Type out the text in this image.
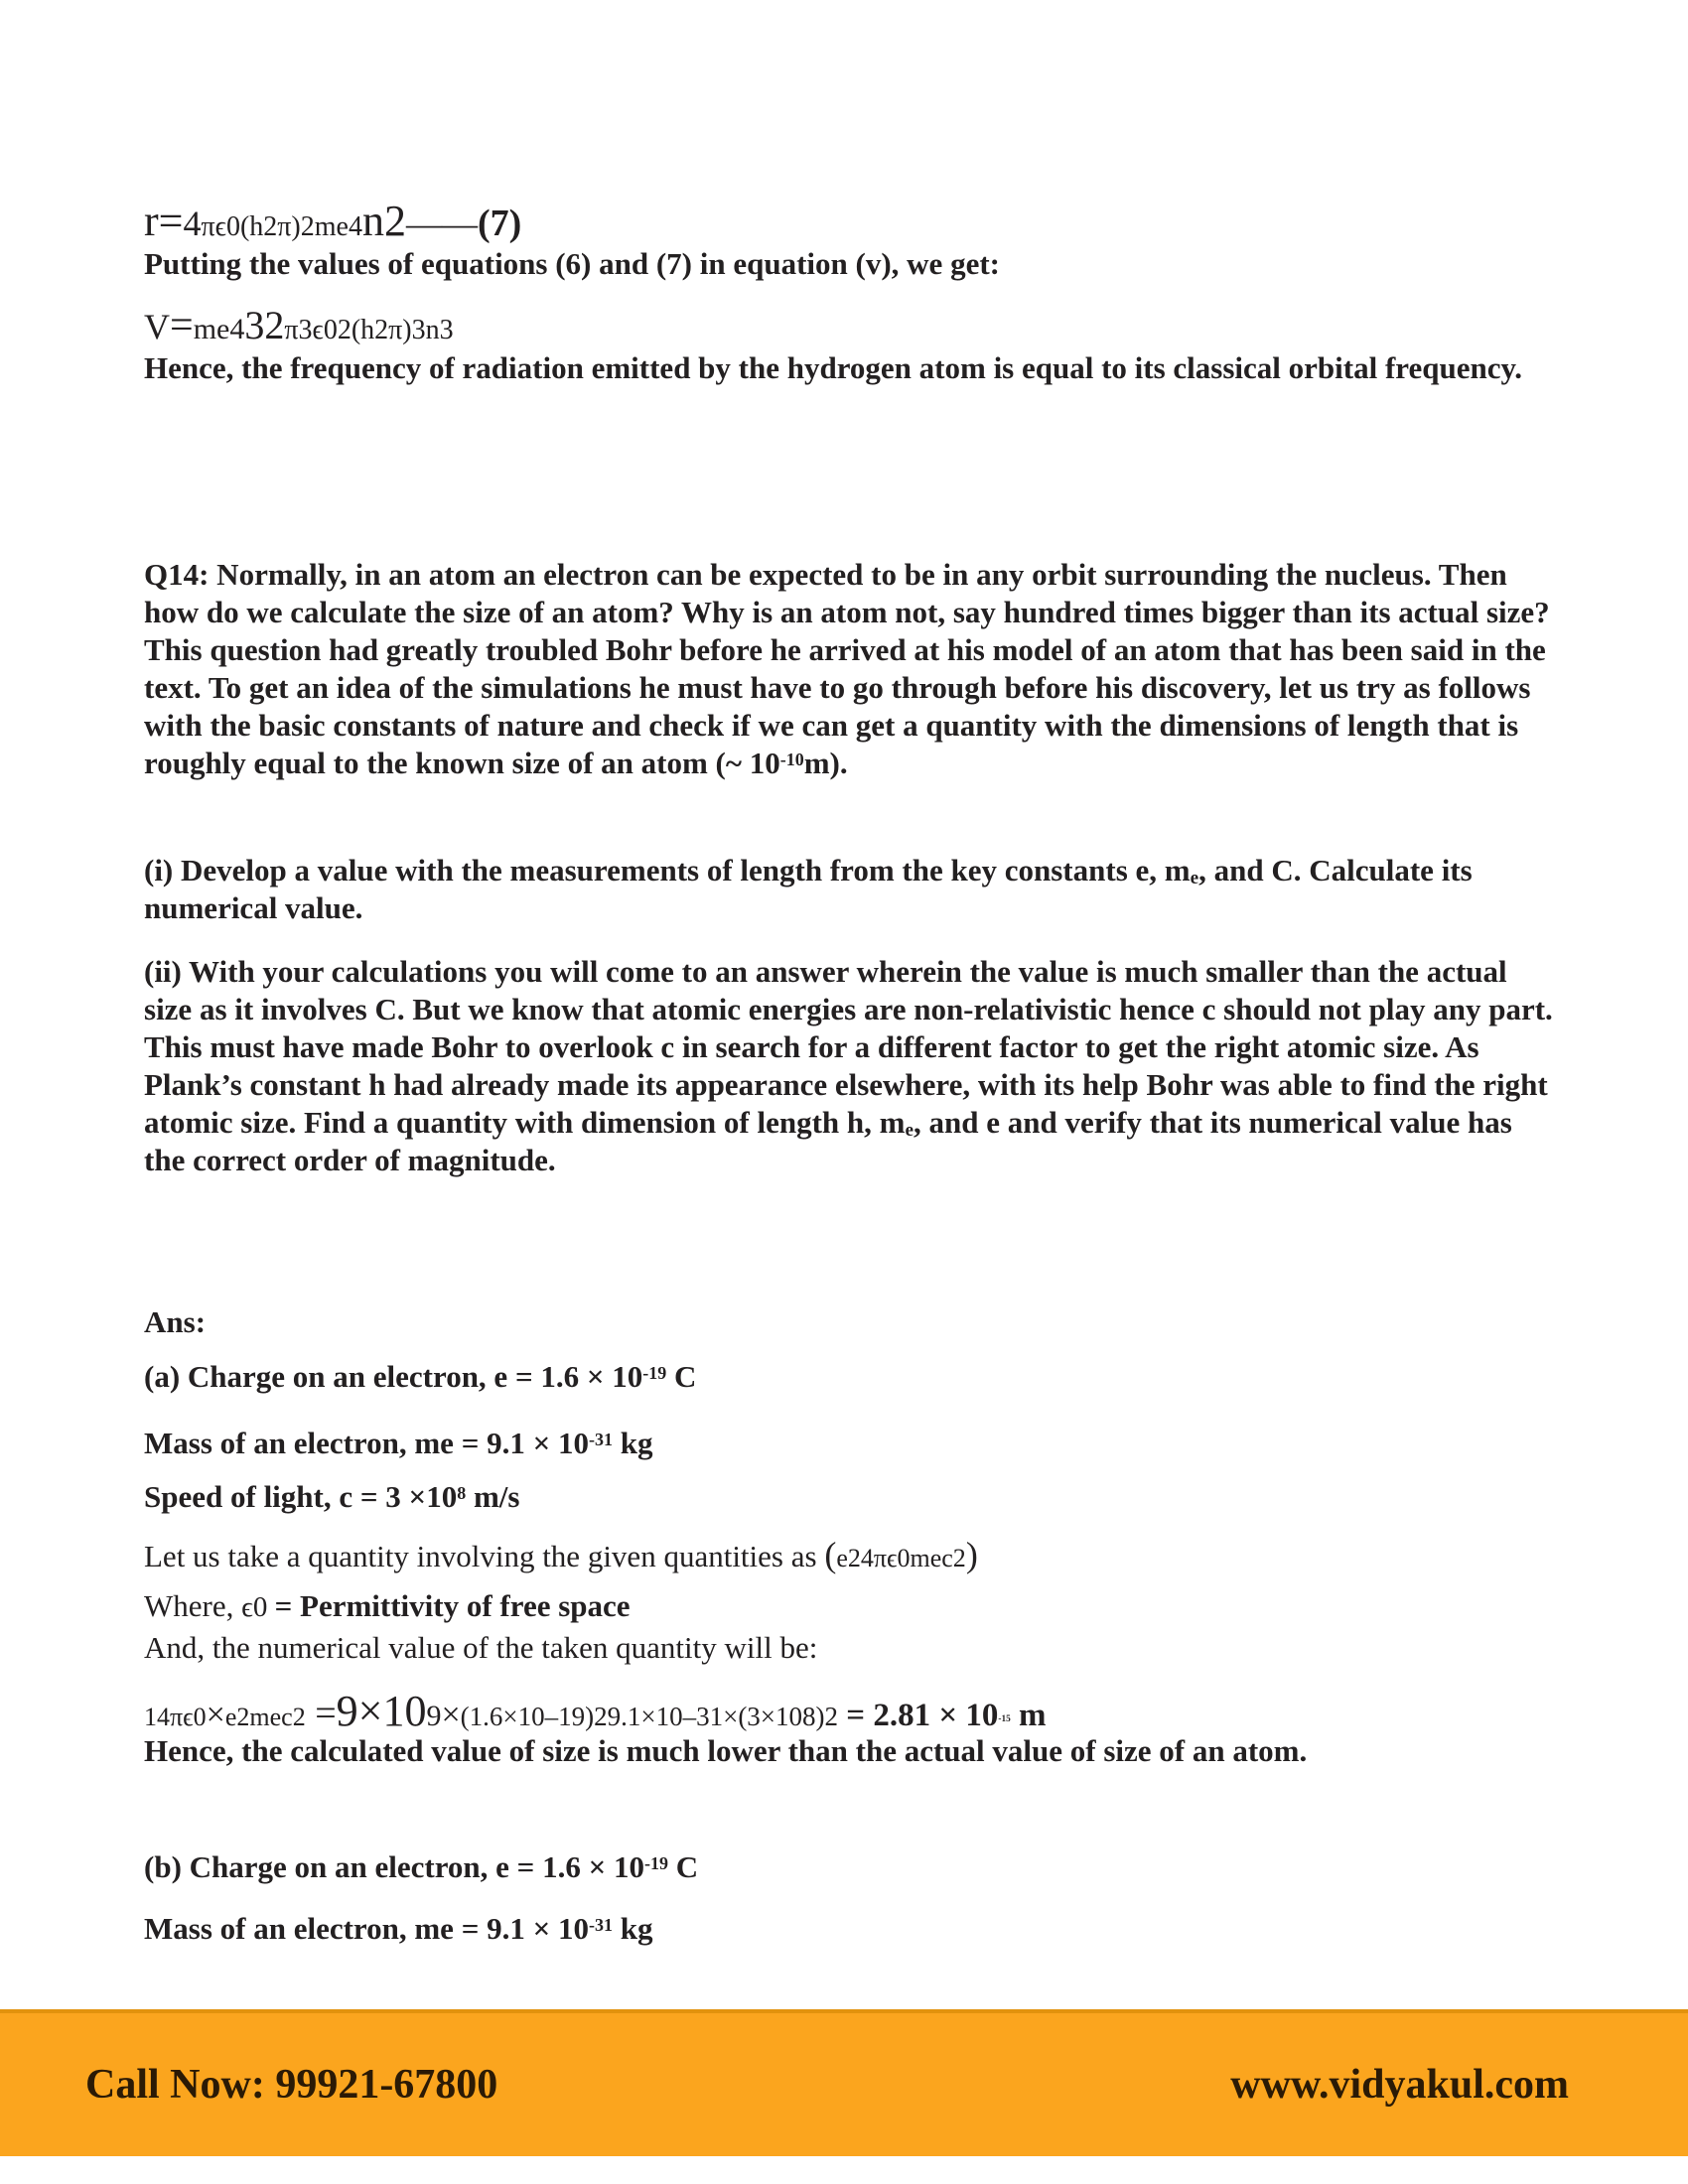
r=4πϵ0(h2π)2me4n2——(7)

Putting the values of equations (6) and (7) in equation (v), we get:

V=me432π3ϵ02(h2π)3n3

Hence, the frequency of radiation emitted by the hydrogen atom is equal to its classical orbital frequency.

Q14: Normally, in an atom an electron can be expected to be in any orbit surrounding the nucleus. Then how do we calculate the size of an atom? Why is an atom not, say hundred times bigger than its actual size? This question had greatly troubled Bohr before he arrived at his model of an atom that has been said in the text. To get an idea of the simulations he must have to go through before his discovery, let us try as follows with the basic constants of nature and check if we can get a quantity with the dimensions of length that is roughly equal to the known size of an atom (~ $10^{-10}m$).

(i) Develop a value with the measurements of length from the key constants e, $m_e$, and C. Calculate its numerical value.

(ii) With your calculations you will come to an answer wherein the value is much smaller than the actual size as it involves C. But we know that atomic energies are non-relativistic hence c should not play any part. This must have made Bohr to overlook c in search for a different factor to get the right atomic size. As Plank’s constant h had already made its appearance elsewhere, with its help Bohr was able to find the right atomic size. Find a quantity with dimension of length h, $m_e$, and e and verify that its numerical value has the correct order of magnitude.

Ans:

(a) Charge on an electron, $e = 1.6 \times 10^{-19}$ C

Mass of an electron, me = $9.1 \times 10^{-31}$ kg

Speed of light, $c = 3 \times 10^8$ m/s

Let us take a quantity involving the given quantities as (e24πϵ0mec2)
Where, ϵ0 = Permittivity of free space

And, the numerical value of the taken quantity will be:

$14\pi\epsilon 0\times e2mec2 =9\times 109\times(1.6\times 10-19)29.1\times 10-31\times(3\times 108)2 = 2.81 \times 10^{-15}$ m

Hence, the calculated value of size is much lower than the actual value of size of an atom.

(b) Charge on an electron, $e = 1.6 \times 10^{-19}$ C

Mass of an electron, me = $9.1 \times 10^{-31}$ kg

Call Now: 99921-67800	www.vidyakul.com
